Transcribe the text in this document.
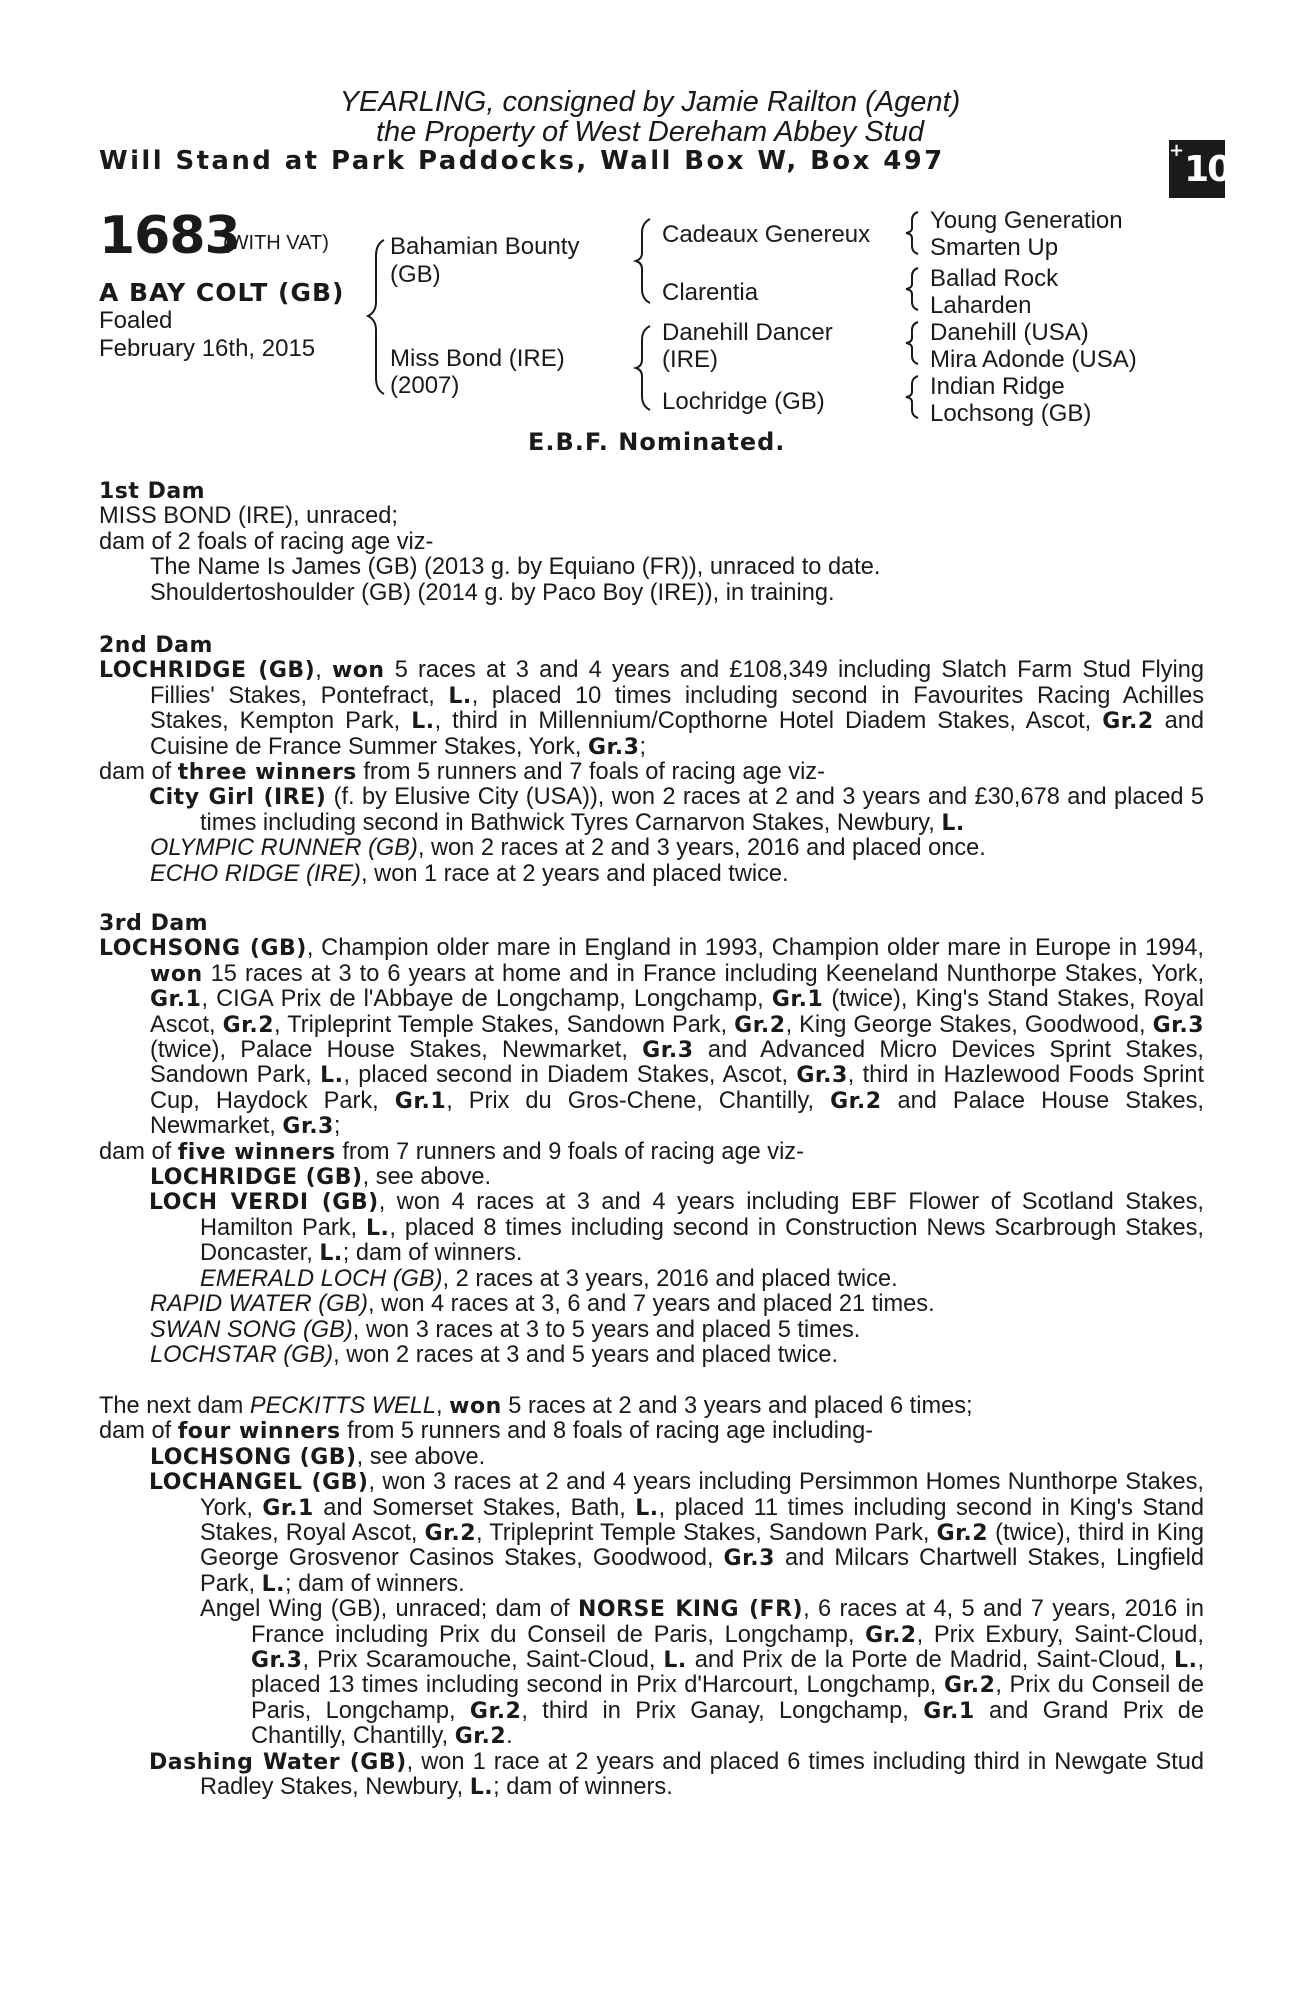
YEARLING, consigned by Jamie Railton (Agent)
the Property of West Dereham Abbey Stud
Will Stand at Park Paddocks, Wall Box W, Box 497	+10
1683
(WITH VAT)
A BAY COLT (GB)
Foaled
February 16th, 2015
Bahamian Bounty
(GB)
Miss Bond (IRE)
(2007)
Cadeaux Genereux
Clarentia
Danehill Dancer
(IRE)
Lochridge (GB)
Young Generation
Smarten Up
Ballad Rock
Laharden
Danehill (USA)
Mira Adonde (USA)
Indian Ridge
Lochsong (GB)
E.B.F. Nominated.
1st Dam
MISS BOND (IRE), unraced;
dam of 2 foals of racing age viz-
The Name Is James (GB) (2013 g. by Equiano (FR)), unraced to date.
Shouldertoshoulder (GB) (2014 g. by Paco Boy (IRE)), in training.
2nd Dam
LOCHRIDGE (GB), won 5 races at 3 and 4 years and £108,349 including Slatch Farm Stud Flying Fillies' Stakes, Pontefract, L., placed 10 times including second in Favourites Racing Achilles Stakes, Kempton Park, L., third in Millennium/Copthorne Hotel Diadem Stakes, Ascot, Gr.2 and Cuisine de France Summer Stakes, York, Gr.3;
dam of three winners from 5 runners and 7 foals of racing age viz-
City Girl (IRE) (f. by Elusive City (USA)), won 2 races at 2 and 3 years and £30,678 and placed 5 times including second in Bathwick Tyres Carnarvon Stakes, Newbury, L.
OLYMPIC RUNNER (GB), won 2 races at 2 and 3 years, 2016 and placed once.
ECHO RIDGE (IRE), won 1 race at 2 years and placed twice.
3rd Dam
LOCHSONG (GB), Champion older mare in England in 1993, Champion older mare in Europe in 1994, won 15 races at 3 to 6 years at home and in France including Keeneland Nunthorpe Stakes, York, Gr.1, CIGA Prix de l'Abbaye de Longchamp, Longchamp, Gr.1 (twice), King's Stand Stakes, Royal Ascot, Gr.2, Tripleprint Temple Stakes, Sandown Park, Gr.2, King George Stakes, Goodwood, Gr.3 (twice), Palace House Stakes, Newmarket, Gr.3 and Advanced Micro Devices Sprint Stakes, Sandown Park, L., placed second in Diadem Stakes, Ascot, Gr.3, third in Hazlewood Foods Sprint Cup, Haydock Park, Gr.1, Prix du Gros-Chene, Chantilly, Gr.2 and Palace House Stakes, Newmarket, Gr.3;
dam of five winners from 7 runners and 9 foals of racing age viz-
LOCHRIDGE (GB), see above.
LOCH VERDI (GB), won 4 races at 3 and 4 years including EBF Flower of Scotland Stakes, Hamilton Park, L., placed 8 times including second in Construction News Scarbrough Stakes, Doncaster, L.; dam of winners.
EMERALD LOCH (GB), 2 races at 3 years, 2016 and placed twice.
RAPID WATER (GB), won 4 races at 3, 6 and 7 years and placed 21 times.
SWAN SONG (GB), won 3 races at 3 to 5 years and placed 5 times.
LOCHSTAR (GB), won 2 races at 3 and 5 years and placed twice.
The next dam PECKITTS WELL, won 5 races at 2 and 3 years and placed 6 times;
dam of four winners from 5 runners and 8 foals of racing age including-
LOCHSONG (GB), see above.
LOCHANGEL (GB), won 3 races at 2 and 4 years including Persimmon Homes Nunthorpe Stakes, York, Gr.1 and Somerset Stakes, Bath, L., placed 11 times including second in King's Stand Stakes, Royal Ascot, Gr.2, Tripleprint Temple Stakes, Sandown Park, Gr.2 (twice), third in King George Grosvenor Casinos Stakes, Goodwood, Gr.3 and Milcars Chartwell Stakes, Lingfield Park, L.; dam of winners.
Angel Wing (GB), unraced; dam of NORSE KING (FR), 6 races at 4, 5 and 7 years, 2016 in France including Prix du Conseil de Paris, Longchamp, Gr.2, Prix Exbury, Saint-Cloud, Gr.3, Prix Scaramouche, Saint-Cloud, L. and Prix de la Porte de Madrid, Saint-Cloud, L., placed 13 times including second in Prix d'Harcourt, Longchamp, Gr.2, Prix du Conseil de Paris, Longchamp, Gr.2, third in Prix Ganay, Longchamp, Gr.1 and Grand Prix de Chantilly, Chantilly, Gr.2.
Dashing Water (GB), won 1 race at 2 years and placed 6 times including third in Newgate Stud Radley Stakes, Newbury, L.; dam of winners.
